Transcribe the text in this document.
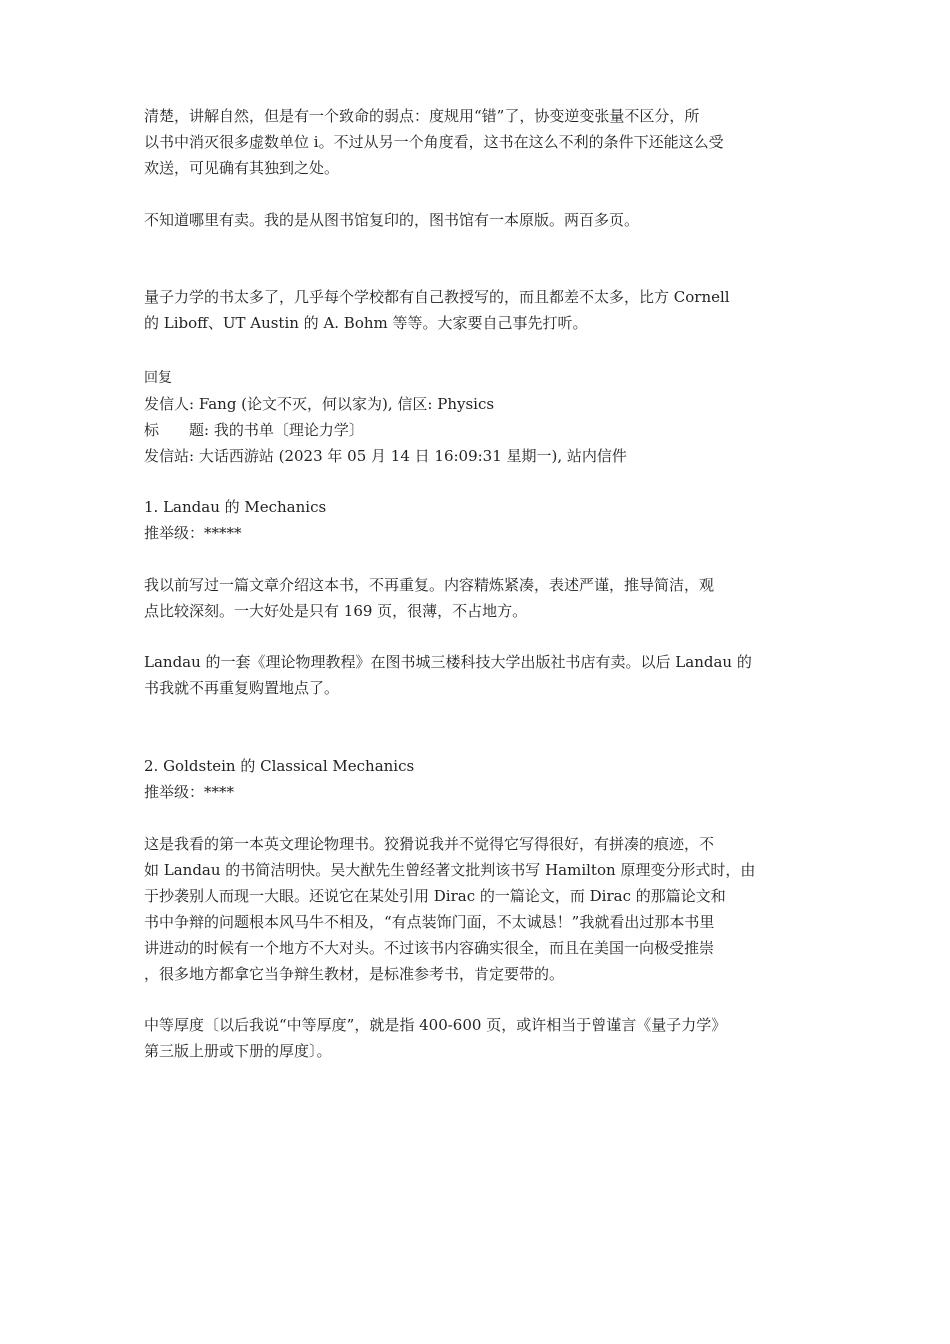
清楚，讲解自然，但是有一个致命的弱点：度规用“错”了，协变逆变张量不区分，所
以书中消灭很多虚数单位 i。不过从另一个角度看，这书在这么不利的条件下还能这么受
欢送，可见确有其独到之处。
不知道哪里有卖。我的是从图书馆复印的，图书馆有一本原版。两百多页。
量子力学的书太多了，几乎每个学校都有自己教授写的，而且都差不太多，比方 Cornell
的 Liboff、UT Austin 的 A. Bohm 等等。大家要自己事先打听。
回复
发信人: Fang (论文不灭，何以家为), 信区: Physics
标　　题: 我的书单〔理论力学〕
发信站: 大话西游站 (2023 年 05 月 14 日 16:09:31 星期一), 站内信件
1. Landau 的 Mechanics
推举级：*****
我以前写过一篇文章介绍这本书，不再重复。内容精炼紧凑，表述严谨，推导简洁，观
点比较深刻。一大好处是只有 169 页，很薄，不占地方。
Landau 的一套《理论物理教程》在图书城三楼科技大学出版社书店有卖。以后 Landau 的
书我就不再重复购置地点了。
2. Goldstein 的 Classical Mechanics
推举级：****
这是我看的第一本英文理论物理书。狡猾说我并不觉得它写得很好，有拼凑的痕迹，不
如 Landau 的书简洁明快。吴大猷先生曾经著文批判该书写 Hamilton 原理变分形式时，由
于抄袭别人而现一大眼。还说它在某处引用 Dirac 的一篇论文，而 Dirac 的那篇论文和
书中争辩的问题根本风马牛不相及，“有点装饰门面，不太诚恳！”我就看出过那本书里
讲进动的时候有一个地方不大对头。不过该书内容确实很全，而且在美国一向极受推崇
，很多地方都拿它当争辩生教材，是标准参考书，肯定要带的。
中等厚度〔以后我说“中等厚度”，就是指 400-600 页，或许相当于曾谨言《量子力学》
第三版上册或下册的厚度〕。
